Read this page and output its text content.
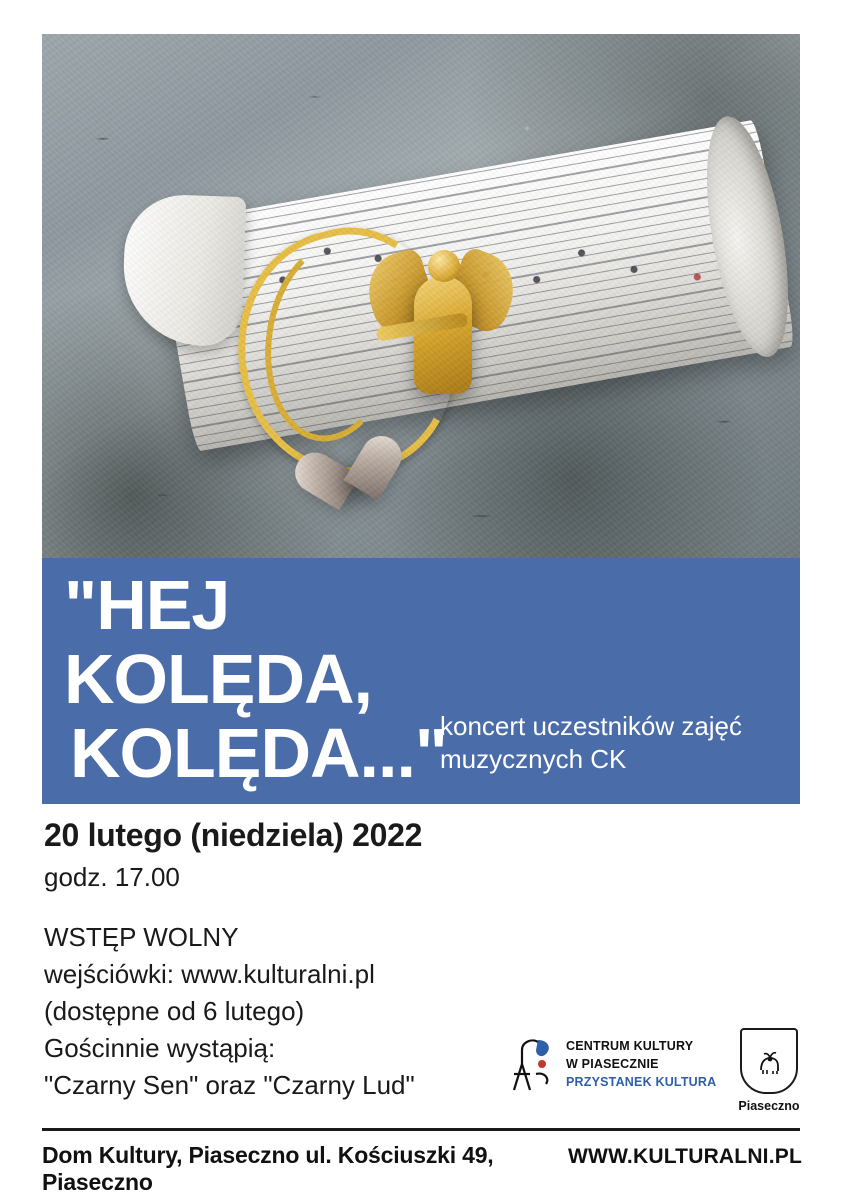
"HEJ KOLĘDA,
KOLĘDA..."
koncert uczestników zajęć
muzycznych CK
20 lutego (niedziela) 2022
godz. 17.00
WSTĘP WOLNY
wejściówki: www.kulturalni.pl
(dostępne od 6 lutego)
Gościnnie wystąpią:
"Czarny Sen" oraz "Czarny Lud"
CENTRUM KULTURY
W PIASECZNIE
PRZYSTANEK KULTURA
Piaseczno
Dom Kultury, Piaseczno ul. Kościuszki 49, Piaseczno
WWW.KULTURALNI.PL
